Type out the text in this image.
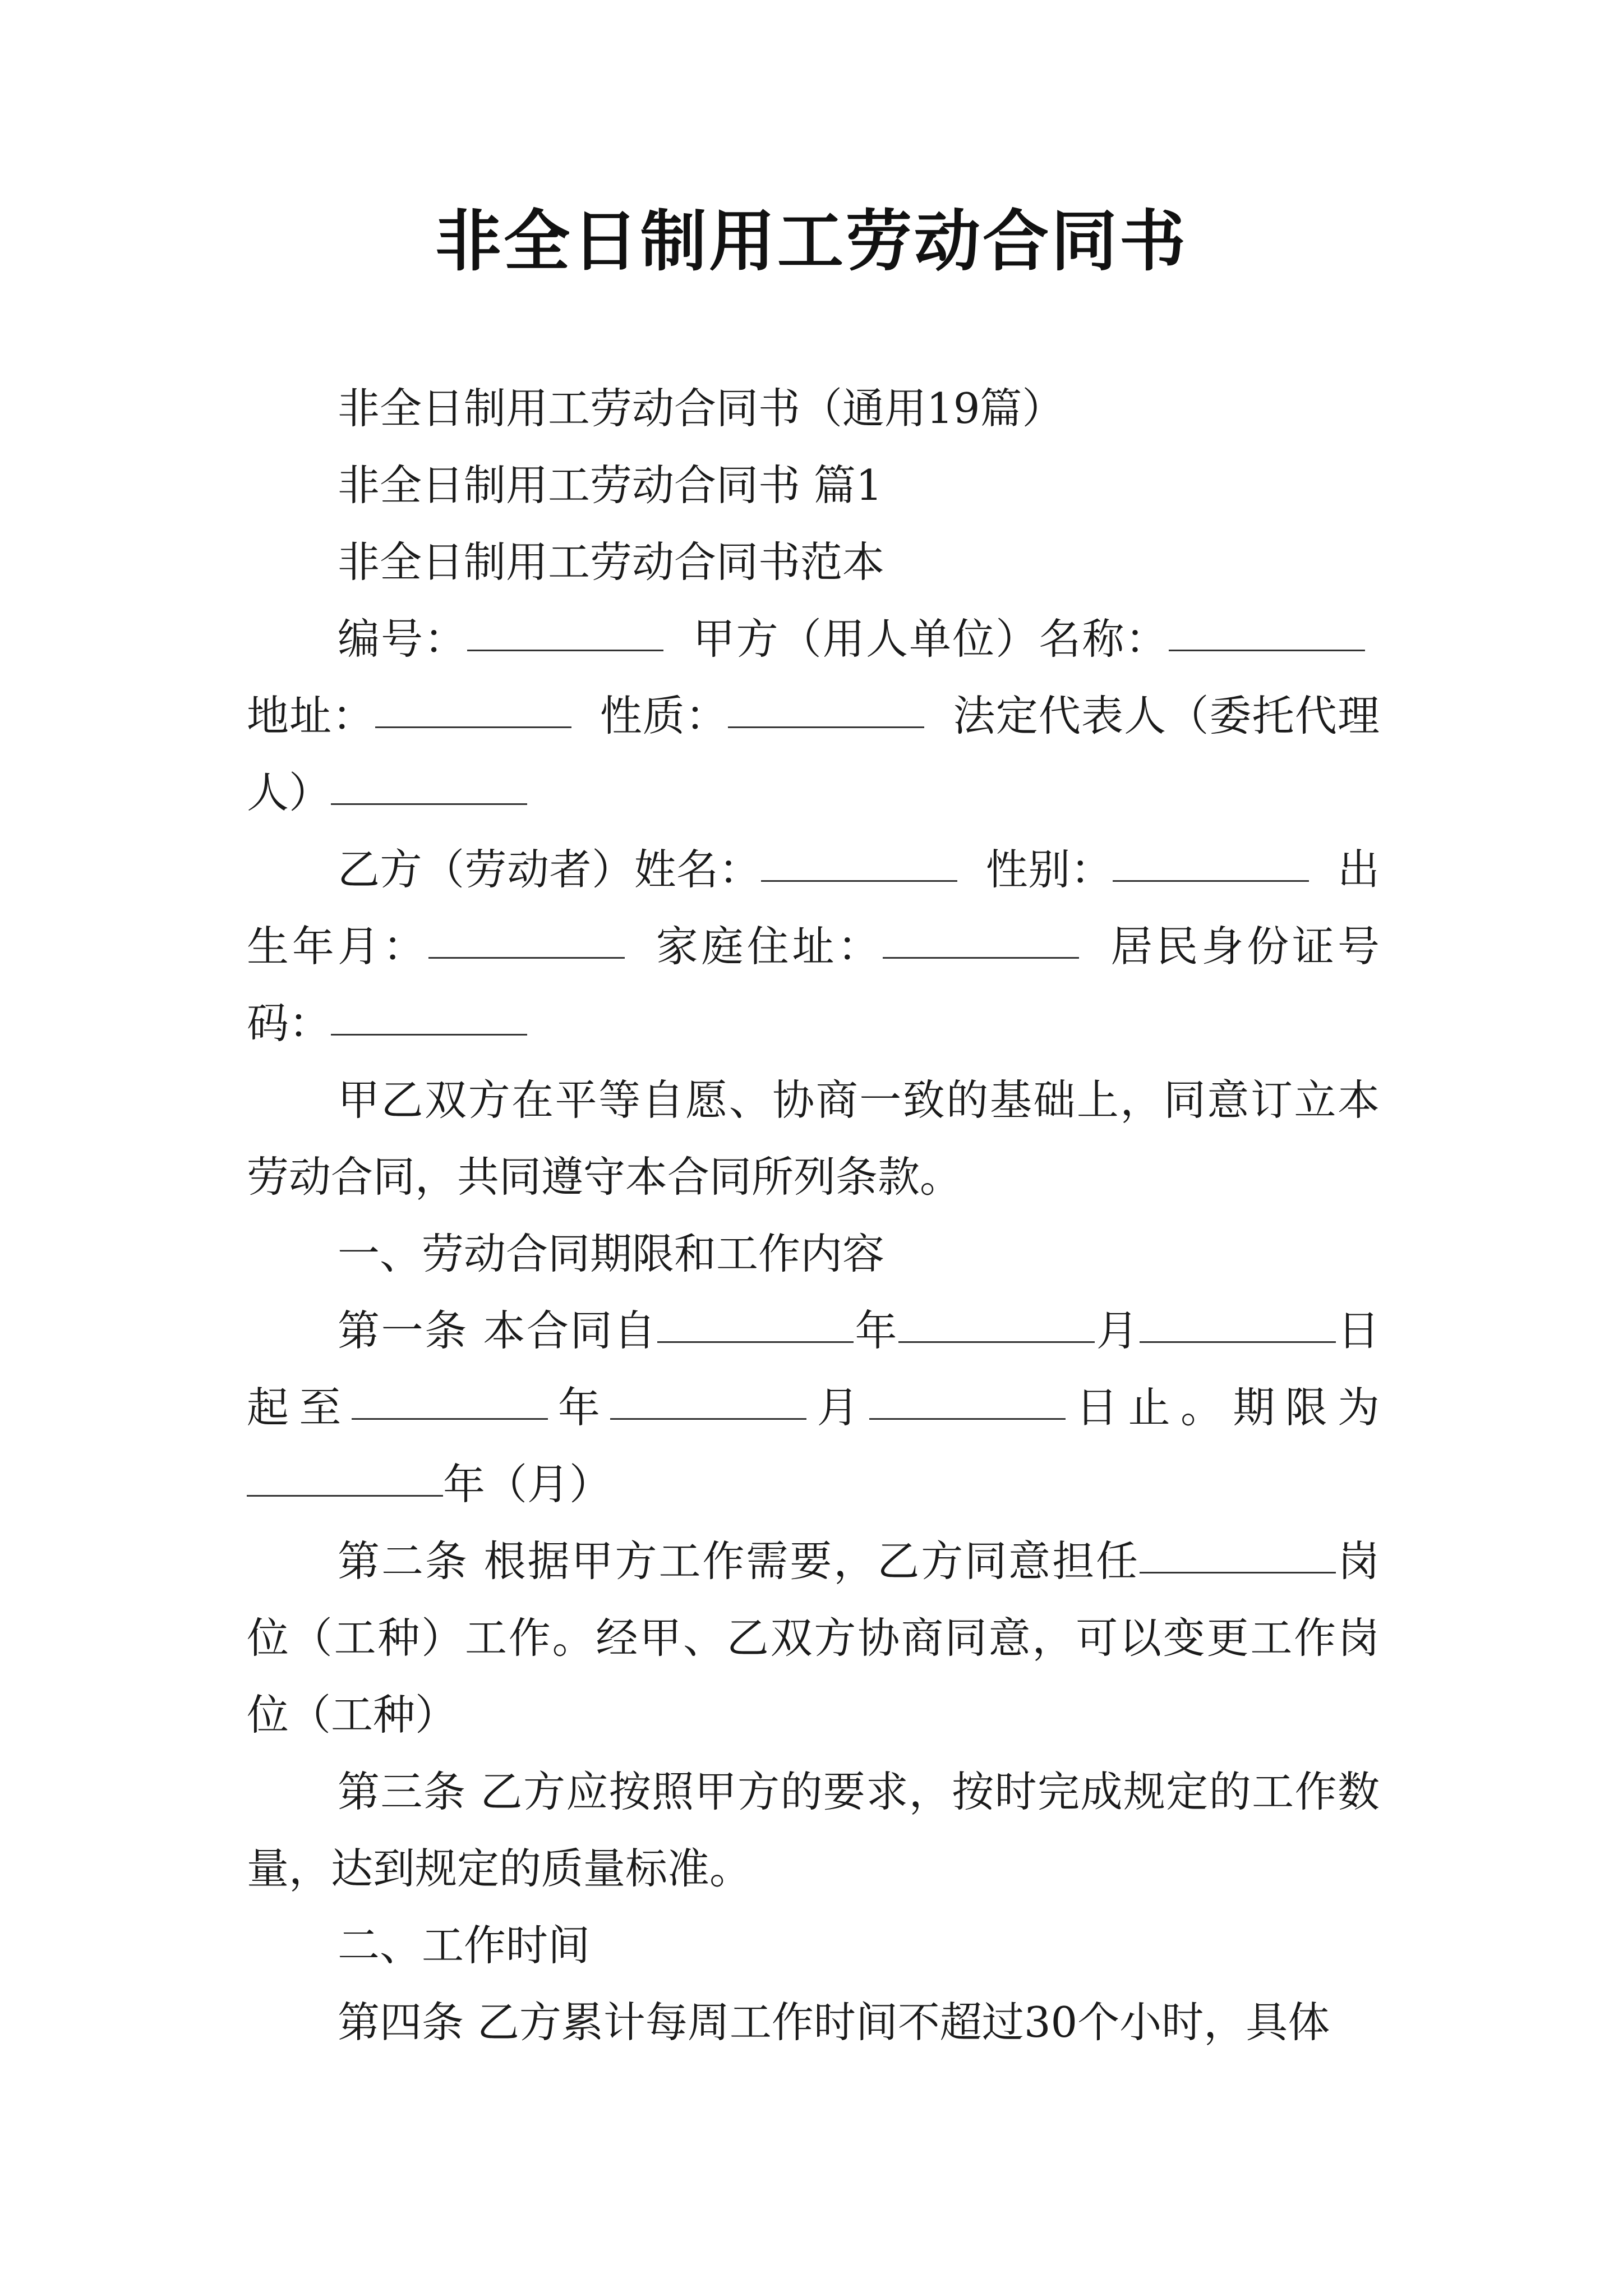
非全日制用工劳动合同书

非全日制用工劳动合同书（通用19篇）

非全日制用工劳动合同书 篇1

非全日制用工劳动合同书范本

编号：	甲方（用人单位）名称： 地址：	性质：	法定代表人（委托代理人）

乙方（劳动者）姓名：	性别：	出生年月：	家庭住址：	居民身份证号码：

甲乙双方在平等自愿、协商一致的基础上，同意订立本劳动合同，共同遵守本合同所列条款。

一、劳动合同期限和工作内容

第一条 本合同自	年	月	日起至	年	月	日止。期限为年（月）

第二条 根据甲方工作需要，乙方同意担任	岗位（工种）工作。经甲、乙双方协商同意，可以变更工作岗位（工种）

第三条 乙方应按照甲方的要求，按时完成规定的工作数量，达到规定的质量标准。

二、工作时间

第四条 乙方累计每周工作时间不超过30个小时，具体
